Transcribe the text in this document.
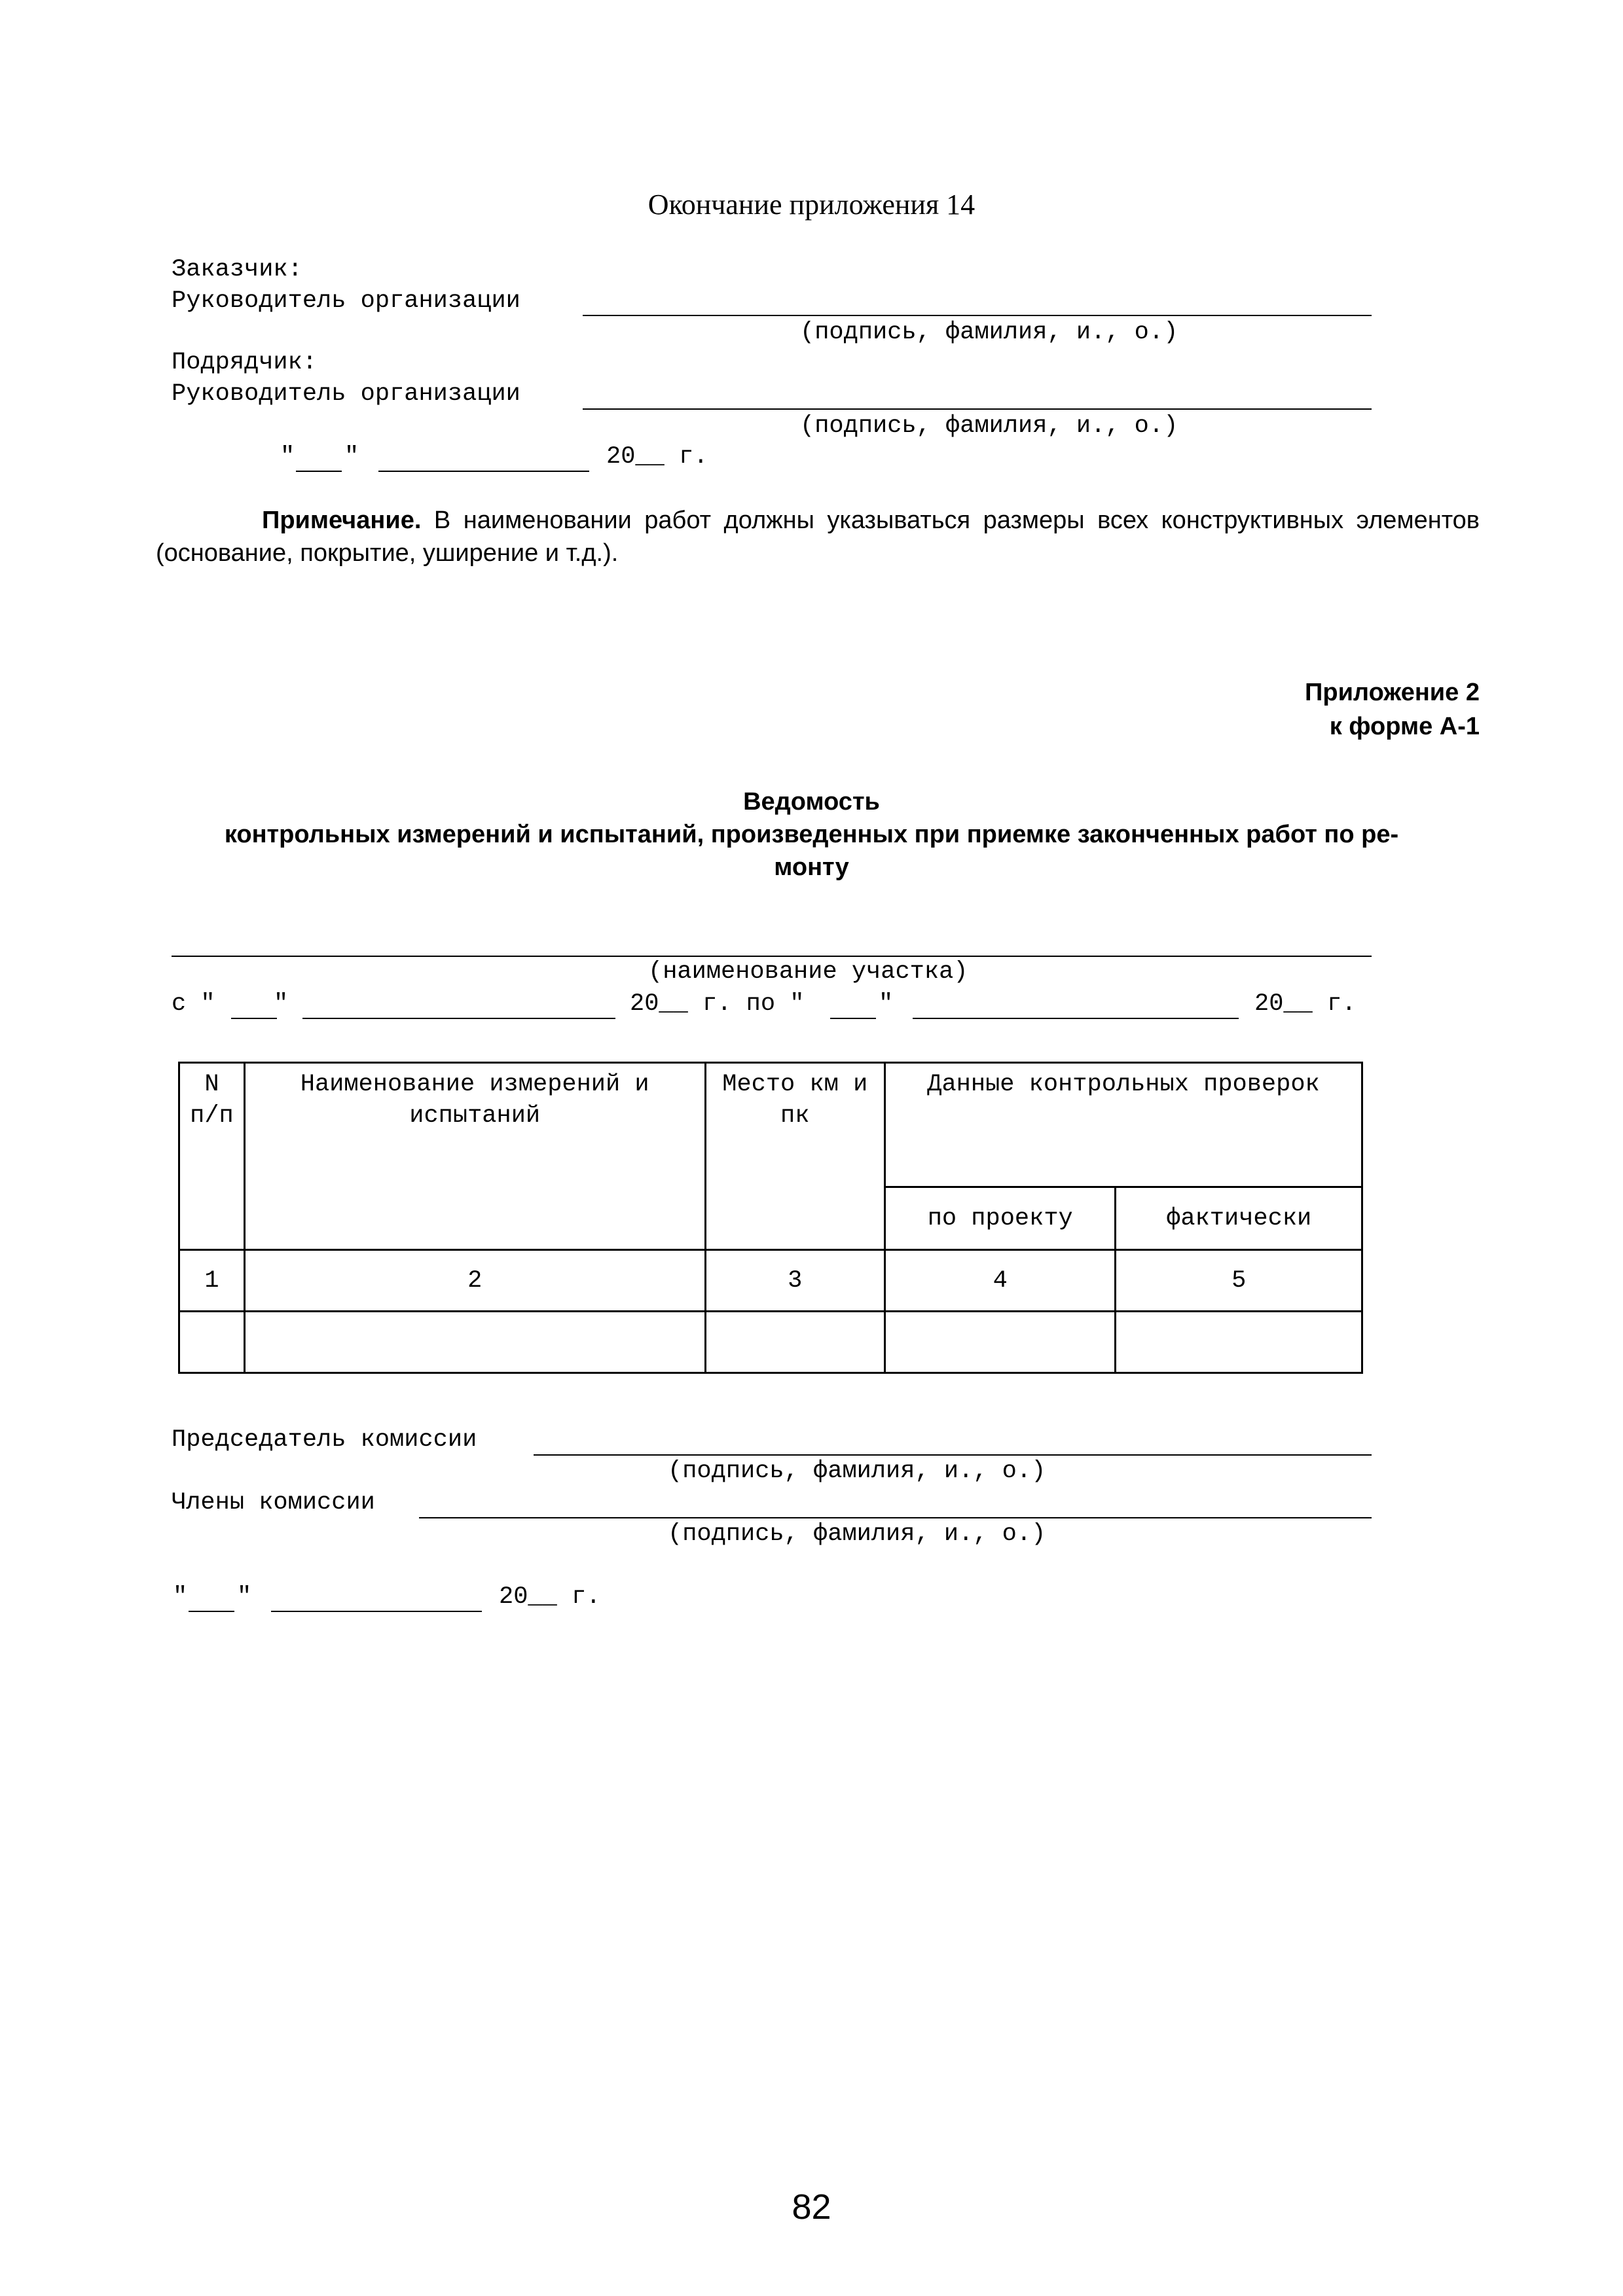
Окончание приложения 14
Заказчик:
Руководитель организации
(подпись, фамилия, и., о.)
Подрядчик:
Руководитель организации
(подпись, фамилия, и., о.)
" "	20__ г.
Примечание. В наименовании работ должны указываться размеры всех конструктивных элементов (основание, покрытие, уширение и т.д.).
Приложение 2
к форме А-1
Ведомость
контрольных измерений и испытаний, произведенных при приемке законченных работ по ре-
монту
(наименование участка)
с " "	20__ г. по "	"	20__ г.
N п/п	Наименование измерений и испытаний	Место км и пк	Данные контрольных проверок	
			по проекту	фактически
1	2	3	4	5

Председатель комиссии
(подпись, фамилия, и., о.)
Члены комиссии
(подпись, фамилия, и., о.)
" "	20__ г.
82
